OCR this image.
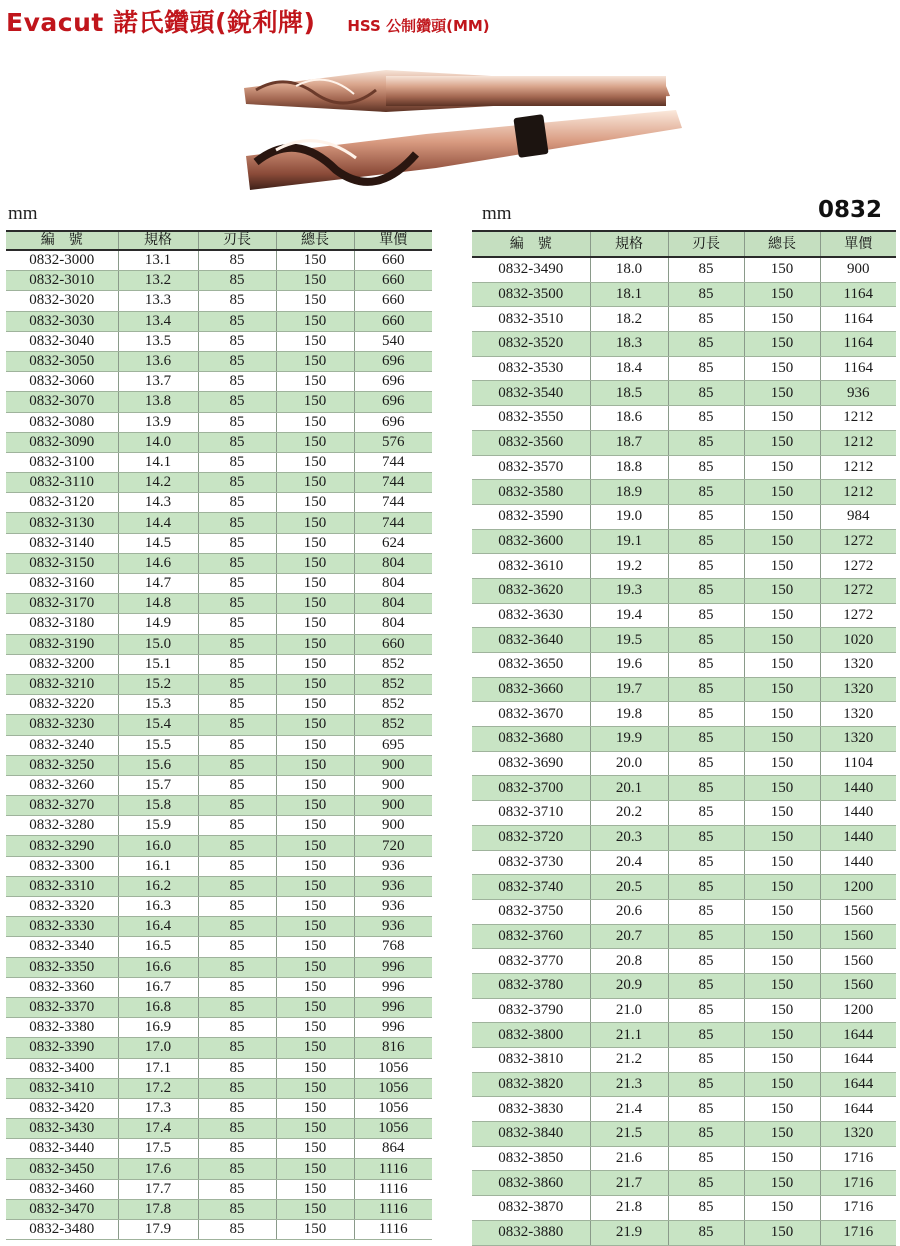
Evacut 諾氏鑽頭(銳利牌) HSS 公制鑽頭(MM)
mm	mm	0832
編　號	規格	刃長	總長	單價
0832-3000	13.1	85	150	660
0832-3010	13.2	85	150	660
0832-3020	13.3	85	150	660
0832-3030	13.4	85	150	660
0832-3040	13.5	85	150	540
0832-3050	13.6	85	150	696
0832-3060	13.7	85	150	696
0832-3070	13.8	85	150	696
0832-3080	13.9	85	150	696
0832-3090	14.0	85	150	576
0832-3100	14.1	85	150	744
0832-3110	14.2	85	150	744
0832-3120	14.3	85	150	744
0832-3130	14.4	85	150	744
0832-3140	14.5	85	150	624
0832-3150	14.6	85	150	804
0832-3160	14.7	85	150	804
0832-3170	14.8	85	150	804
0832-3180	14.9	85	150	804
0832-3190	15.0	85	150	660
0832-3200	15.1	85	150	852
0832-3210	15.2	85	150	852
0832-3220	15.3	85	150	852
0832-3230	15.4	85	150	852
0832-3240	15.5	85	150	695
0832-3250	15.6	85	150	900
0832-3260	15.7	85	150	900
0832-3270	15.8	85	150	900
0832-3280	15.9	85	150	900
0832-3290	16.0	85	150	720
0832-3300	16.1	85	150	936
0832-3310	16.2	85	150	936
0832-3320	16.3	85	150	936
0832-3330	16.4	85	150	936
0832-3340	16.5	85	150	768
0832-3350	16.6	85	150	996
0832-3360	16.7	85	150	996
0832-3370	16.8	85	150	996
0832-3380	16.9	85	150	996
0832-3390	17.0	85	150	816
0832-3400	17.1	85	150	1056
0832-3410	17.2	85	150	1056
0832-3420	17.3	85	150	1056
0832-3430	17.4	85	150	1056
0832-3440	17.5	85	150	864
0832-3450	17.6	85	150	1116
0832-3460	17.7	85	150	1116
0832-3470	17.8	85	150	1116
0832-3480	17.9	85	150	1116
編　號	規格	刃長	總長	單價
0832-3490	18.0	85	150	900
0832-3500	18.1	85	150	1164
0832-3510	18.2	85	150	1164
0832-3520	18.3	85	150	1164
0832-3530	18.4	85	150	1164
0832-3540	18.5	85	150	936
0832-3550	18.6	85	150	1212
0832-3560	18.7	85	150	1212
0832-3570	18.8	85	150	1212
0832-3580	18.9	85	150	1212
0832-3590	19.0	85	150	984
0832-3600	19.1	85	150	1272
0832-3610	19.2	85	150	1272
0832-3620	19.3	85	150	1272
0832-3630	19.4	85	150	1272
0832-3640	19.5	85	150	1020
0832-3650	19.6	85	150	1320
0832-3660	19.7	85	150	1320
0832-3670	19.8	85	150	1320
0832-3680	19.9	85	150	1320
0832-3690	20.0	85	150	1104
0832-3700	20.1	85	150	1440
0832-3710	20.2	85	150	1440
0832-3720	20.3	85	150	1440
0832-3730	20.4	85	150	1440
0832-3740	20.5	85	150	1200
0832-3750	20.6	85	150	1560
0832-3760	20.7	85	150	1560
0832-3770	20.8	85	150	1560
0832-3780	20.9	85	150	1560
0832-3790	21.0	85	150	1200
0832-3800	21.1	85	150	1644
0832-3810	21.2	85	150	1644
0832-3820	21.3	85	150	1644
0832-3830	21.4	85	150	1644
0832-3840	21.5	85	150	1320
0832-3850	21.6	85	150	1716
0832-3860	21.7	85	150	1716
0832-3870	21.8	85	150	1716
0832-3880	21.9	85	150	1716
